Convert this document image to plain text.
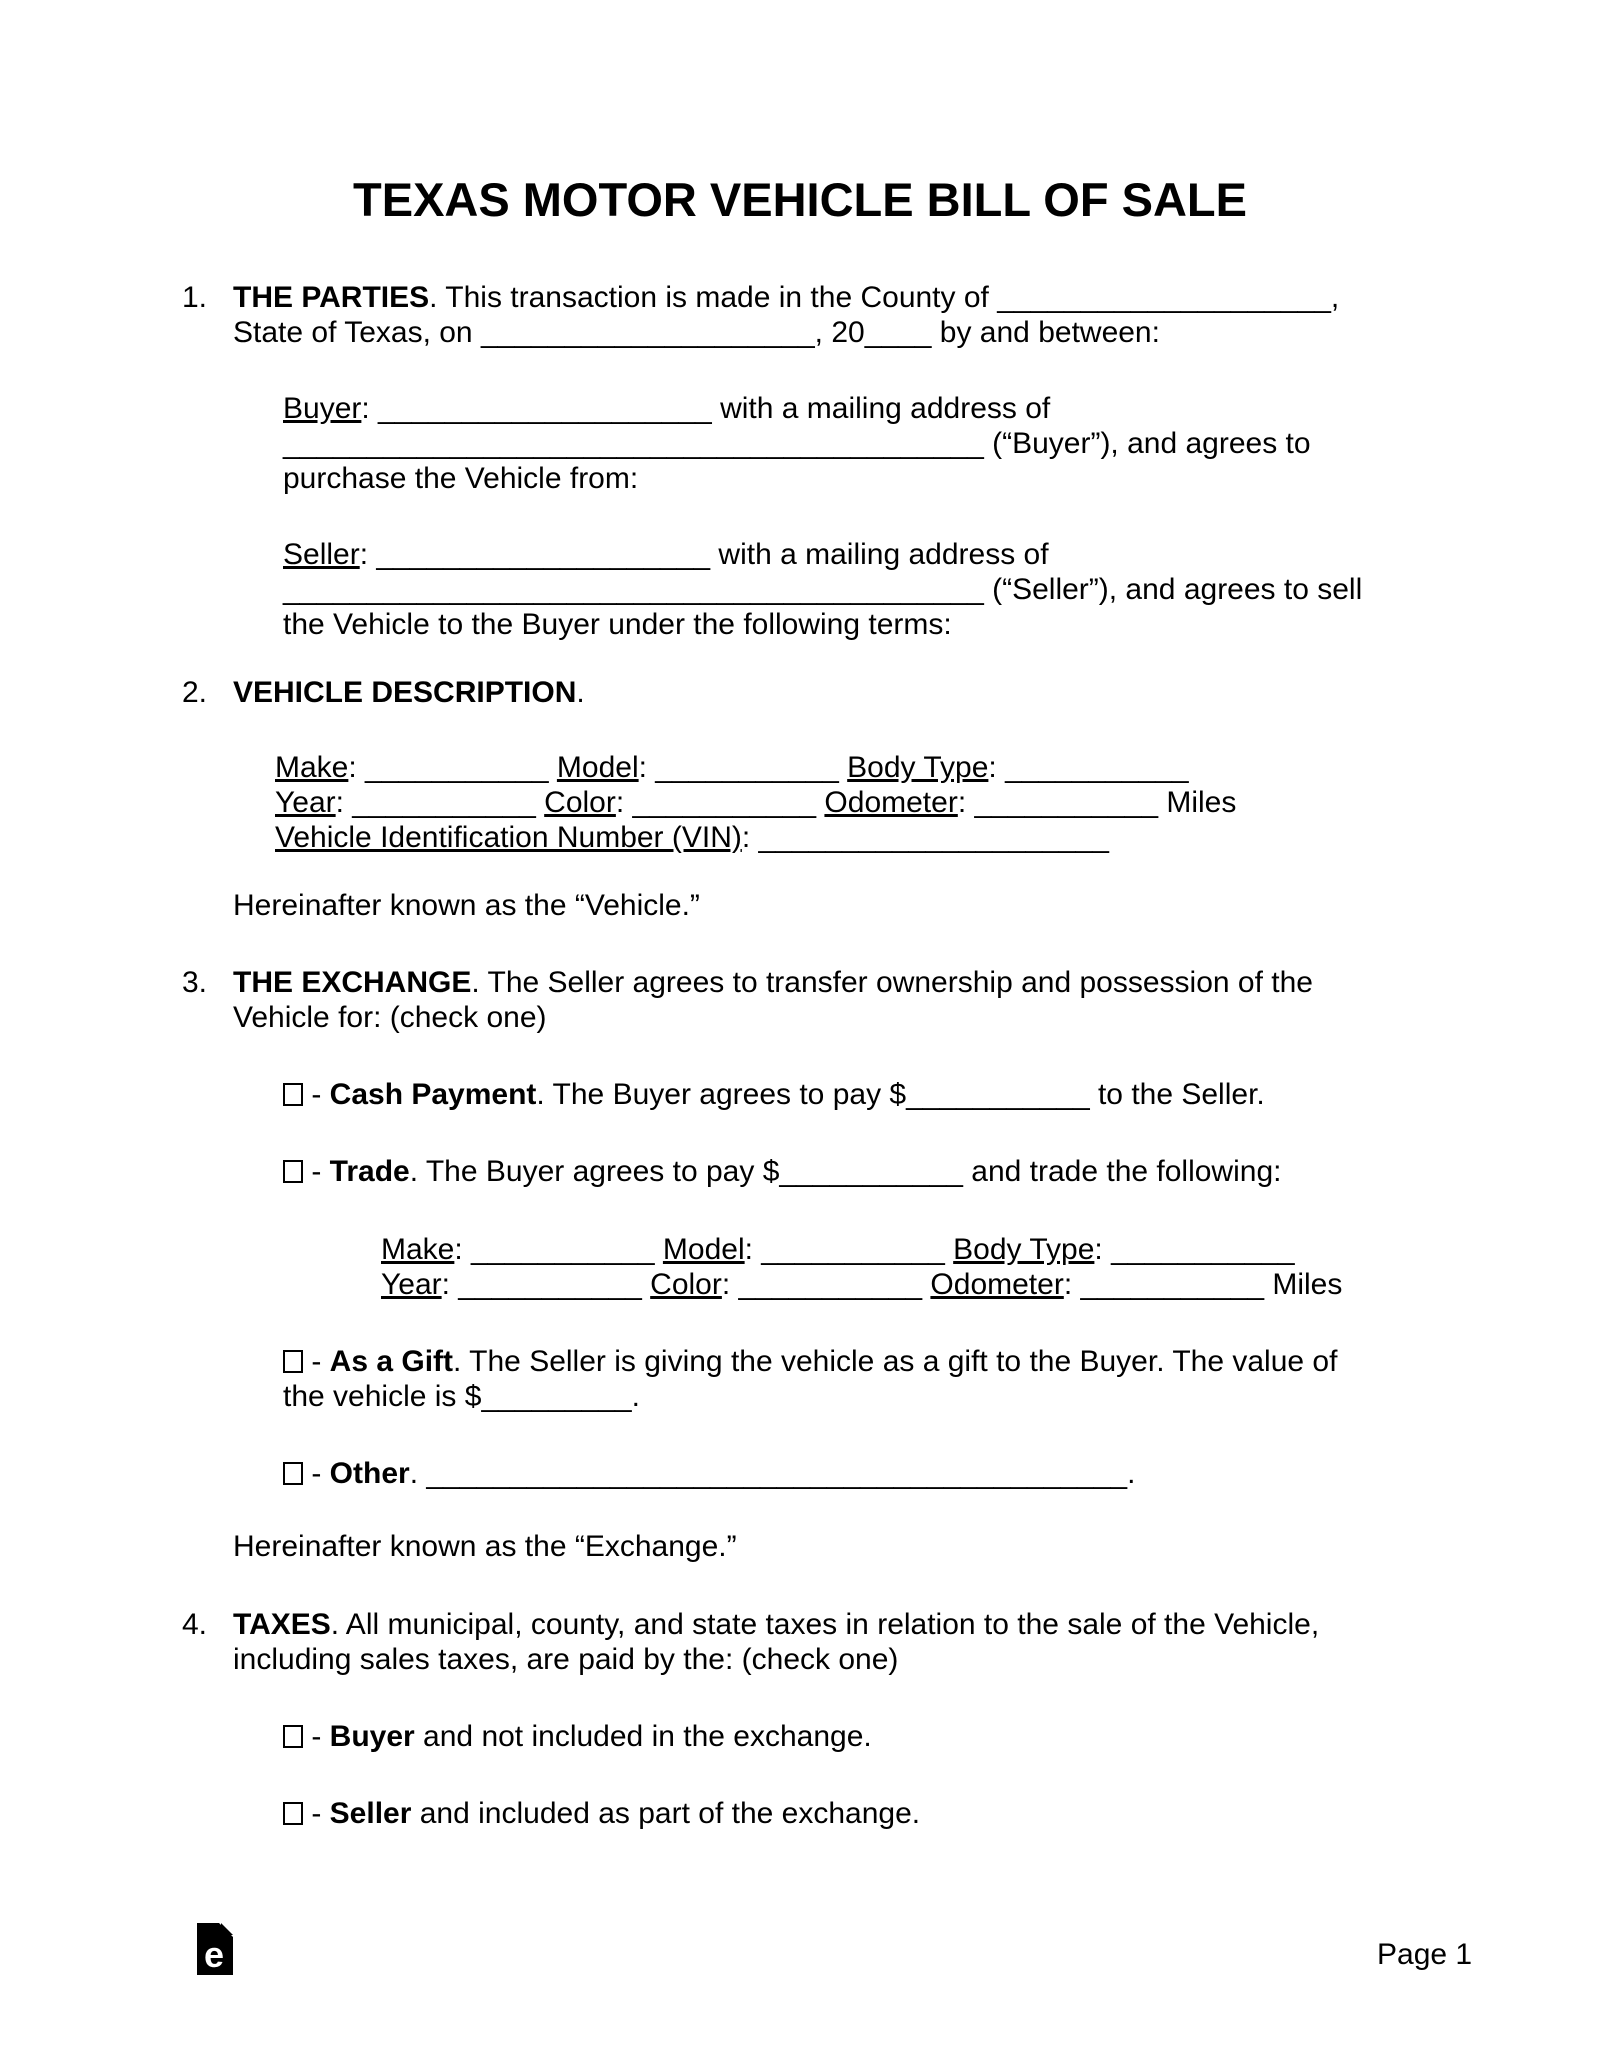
TEXAS MOTOR VEHICLE BILL OF SALE
1. THE PARTIES. This transaction is made in the County of ____________________,
State of Texas, on ____________________, 20____ by and between:
Buyer: ____________________ with a mailing address of
__________________________________________ (“Buyer”), and agrees to
purchase the Vehicle from:
Seller: ____________________ with a mailing address of
__________________________________________ (“Seller”), and agrees to sell
the Vehicle to the Buyer under the following terms:
2. VEHICLE DESCRIPTION.
Make: ___________ Model: ___________ Body Type: ___________
Year: ___________ Color: ___________ Odometer: ___________ Miles
Vehicle Identification Number (VIN): _____________________
Hereinafter known as the “Vehicle.”
3. THE EXCHANGE. The Seller agrees to transfer ownership and possession of the
Vehicle for: (check one)
- Cash Payment. The Buyer agrees to pay $___________ to the Seller.
- Trade. The Buyer agrees to pay $___________ and trade the following:
Make: ___________ Model: ___________ Body Type: ___________
Year: ___________ Color: ___________ Odometer: ___________ Miles
- As a Gift. The Seller is giving the vehicle as a gift to the Buyer. The value of
the vehicle is $_________.
- Other. __________________________________________.
Hereinafter known as the “Exchange.”
4. TAXES. All municipal, county, and state taxes in relation to the sale of the Vehicle,
including sales taxes, are paid by the: (check one)
- Buyer and not included in the exchange.
- Seller and included as part of the exchange.
e	Page 1
